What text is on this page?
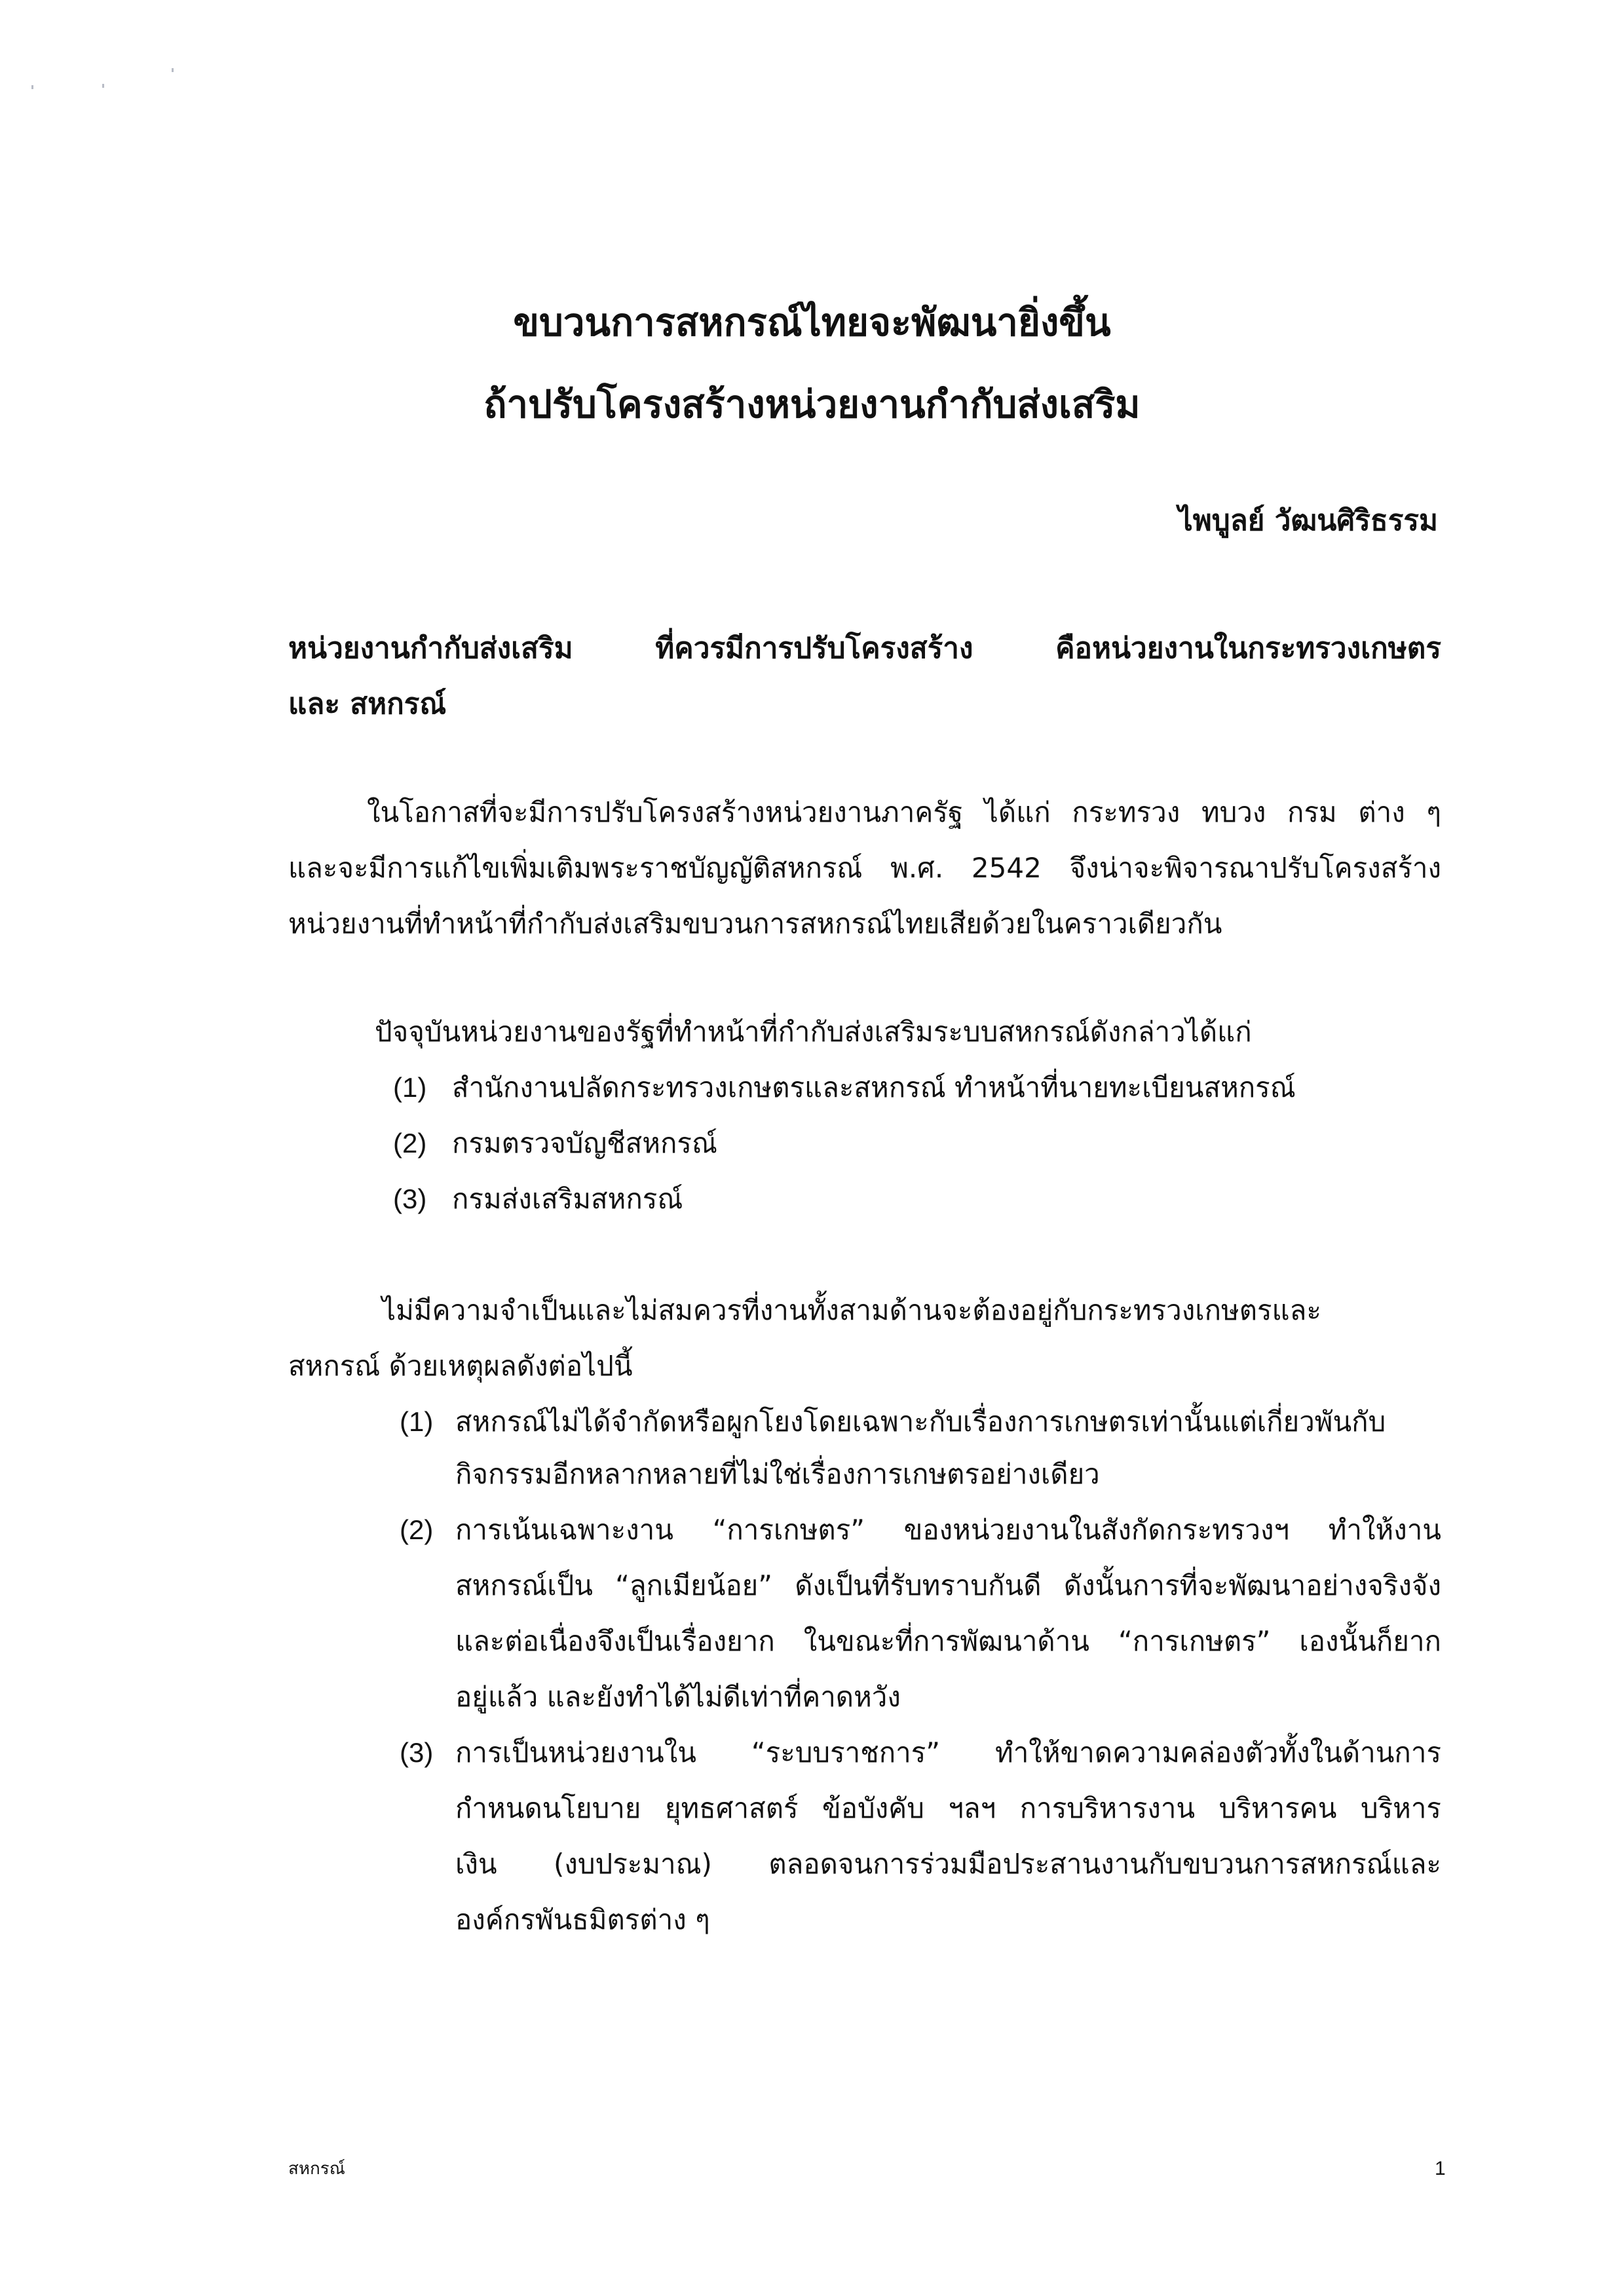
ขบวนการสหกรณ์ไทยจะพัฒนายิ่งขึ้น
ถ้าปรับโครงสร้างหน่วยงานกำกับส่งเสริม
ไพบูลย์ วัฒนศิริธรรม
หน่วยงานกำกับส่งเสริม ที่ควรมีการปรับโครงสร้าง คือหน่วยงานในกระทรวงเกษตร
และ สหกรณ์
ในโอกาสที่จะมีการปรับโครงสร้างหน่วยงานภาครัฐ ได้แก่ กระทรวง ทบวง กรม ต่าง ๆ
และจะมีการแก้ไขเพิ่มเติมพระราชบัญญัติสหกรณ์ พ.ศ. 2542 จึงน่าจะพิจารณาปรับโครงสร้าง
หน่วยงานที่ทำหน้าที่กำกับส่งเสริมขบวนการสหกรณ์ไทยเสียด้วยในคราวเดียวกัน
ปัจจุบันหน่วยงานของรัฐที่ทำหน้าที่กำกับส่งเสริมระบบสหกรณ์ดังกล่าวได้แก่
(1) สำนักงานปลัดกระทรวงเกษตรและสหกรณ์ ทำหน้าที่นายทะเบียนสหกรณ์
(2) กรมตรวจบัญชีสหกรณ์
(3) กรมส่งเสริมสหกรณ์
ไม่มีความจำเป็นและไม่สมควรที่งานทั้งสามด้านจะต้องอยู่กับกระทรวงเกษตรและ
สหกรณ์ ด้วยเหตุผลดังต่อไปนี้
(1) สหกรณ์ไม่ได้จำกัดหรือผูกโยงโดยเฉพาะกับเรื่องการเกษตรเท่านั้นแต่เกี่ยวพันกับ
กิจกรรมอีกหลากหลายที่ไม่ใช่เรื่องการเกษตรอย่างเดียว
(2) การเน้นเฉพาะงาน “การเกษตร” ของหน่วยงานในสังกัดกระทรวงฯ ทำให้งาน
สหกรณ์เป็น “ลูกเมียน้อย” ดังเป็นที่รับทราบกันดี ดังนั้นการที่จะพัฒนาอย่างจริงจัง
และต่อเนื่องจึงเป็นเรื่องยาก ในขณะที่การพัฒนาด้าน “การเกษตร” เองนั้นก็ยาก
อยู่แล้ว และยังทำได้ไม่ดีเท่าที่คาดหวัง
(3) การเป็นหน่วยงานใน “ระบบราชการ” ทำให้ขาดความคล่องตัวทั้งในด้านการ
กำหนดนโยบาย ยุทธศาสตร์ ข้อบังคับ ฯลฯ การบริหารงาน บริหารคน บริหาร
เงิน (งบประมาณ) ตลอดจนการร่วมมือประสานงานกับขบวนการสหกรณ์และ
องค์กรพันธมิตรต่าง ๆ
สหกรณ์	1
